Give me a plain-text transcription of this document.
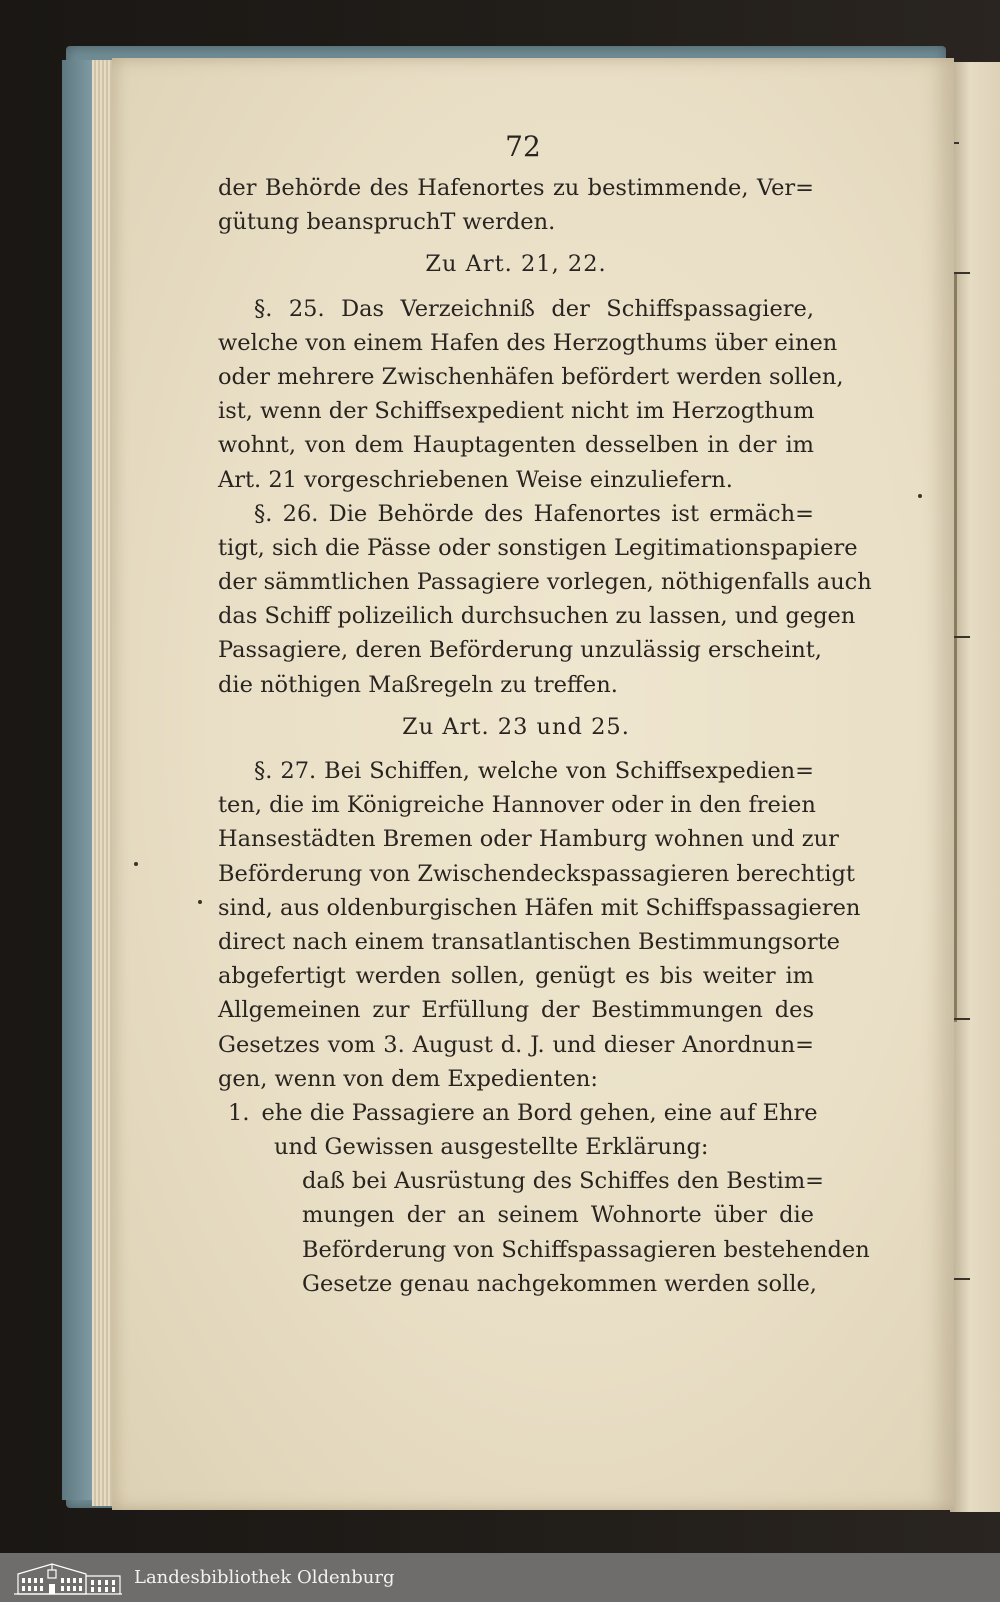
72
der Behörde des Hafenortes zu bestimmende, Ver=
gütung beanspruchT werden.
Zu Art. 21, 22.
§. 25. Das Verzeichniß der Schiffspassagiere,
welche von einem Hafen des Herzogthums über einen
oder mehrere Zwischenhäfen befördert werden sollen,
ist, wenn der Schiffsexpedient nicht im Herzogthum
wohnt, von dem Hauptagenten desselben in der im
Art. 21 vorgeschriebenen Weise einzuliefern.
§. 26. Die Behörde des Hafenortes ist ermäch=
tigt, sich die Pässe oder sonstigen Legitimationspapiere
der sämmtlichen Passagiere vorlegen, nöthigenfalls auch
das Schiff polizeilich durchsuchen zu lassen, und gegen
Passagiere, deren Beförderung unzulässig erscheint,
die nöthigen Maßregeln zu treffen.
Zu Art. 23 und 25.
§. 27. Bei Schiffen, welche von Schiffsexpedien=
ten, die im Königreiche Hannover oder in den freien
Hansestädten Bremen oder Hamburg wohnen und zur
Beförderung von Zwischendeckspassagieren berechtigt
sind, aus oldenburgischen Häfen mit Schiffspassagieren
direct nach einem transatlantischen Bestimmungsorte
abgefertigt werden sollen, genügt es bis weiter im
Allgemeinen zur Erfüllung der Bestimmungen des
Gesetzes vom 3. August d. J. und dieser Anordnun=
gen, wenn von dem Expedienten:
1. ehe die Passagiere an Bord gehen, eine auf Ehre
und Gewissen ausgestellte Erklärung:
daß bei Ausrüstung des Schiffes den Bestim=
mungen der an seinem Wohnorte über die
Beförderung von Schiffspassagieren bestehenden
Gesetze genau nachgekommen werden solle,
Landesbibliothek Oldenburg
